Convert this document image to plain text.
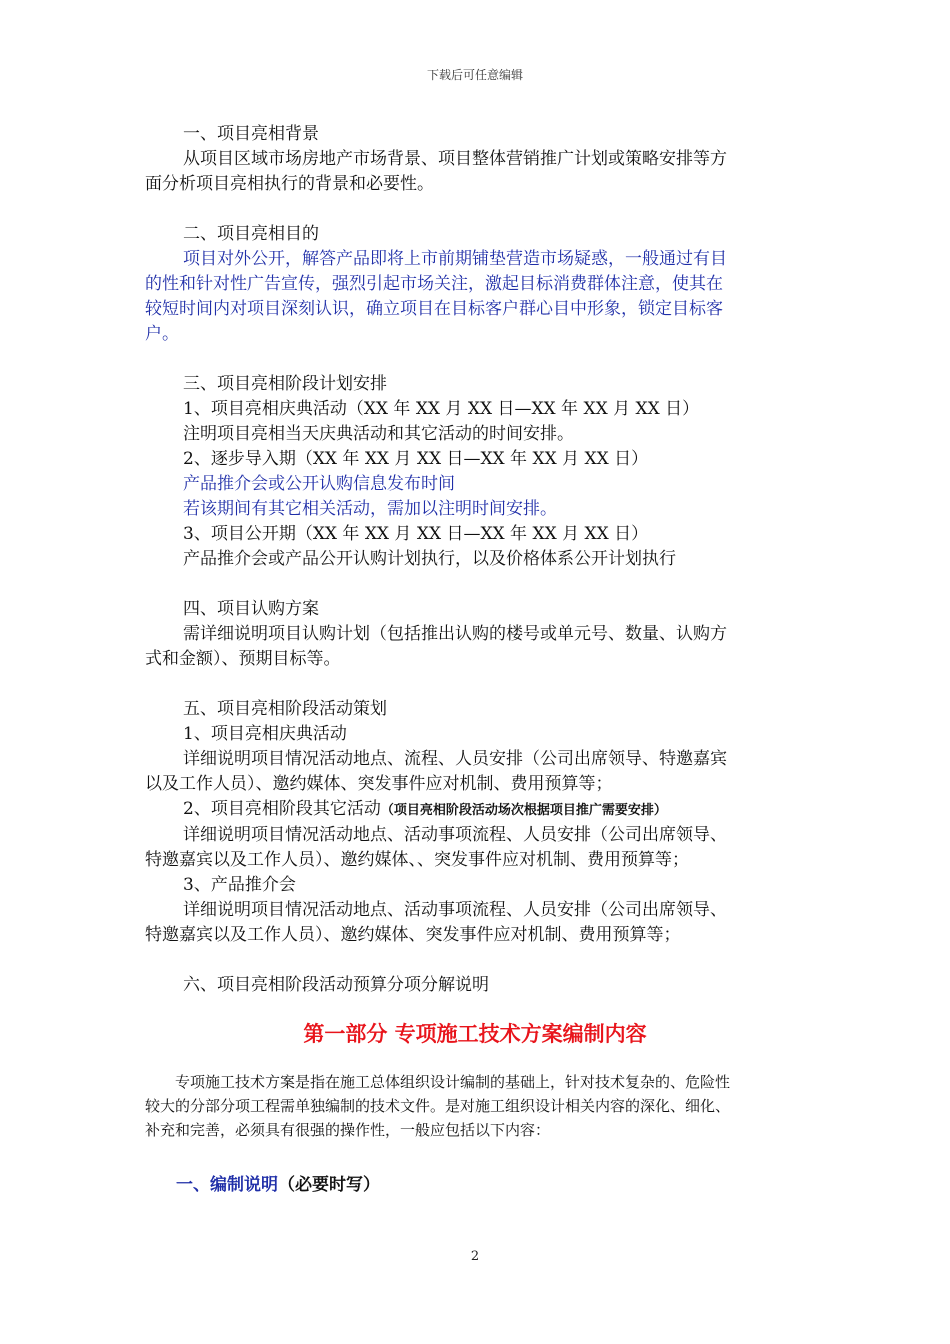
下载后可任意编辑
一、项目亮相背景
从项目区域市场房地产市场背景、项目整体营销推广计划或策略安排等方
面分析项目亮相执行的背景和必要性。
二、项目亮相目的
项目对外公开，解答产品即将上市前期铺垫营造市场疑惑，一般通过有目
的性和针对性广告宣传，强烈引起市场关注，激起目标消费群体注意，使其在
较短时间内对项目深刻认识，确立项目在目标客户群心目中形象，锁定目标客
户。
三、项目亮相阶段计划安排
1、项目亮相庆典活动（XX 年 XX 月 XX 日—XX 年 XX 月 XX 日）
注明项目亮相当天庆典活动和其它活动的时间安排。
2、逐步导入期（XX 年 XX 月 XX 日—XX 年 XX 月 XX 日）
产品推介会或公开认购信息发布时间
若该期间有其它相关活动，需加以注明时间安排。
3、项目公开期（XX 年 XX 月 XX 日—XX 年 XX 月 XX 日）
产品推介会或产品公开认购计划执行，以及价格体系公开计划执行
四、项目认购方案
需详细说明项目认购计划（包括推出认购的楼号或单元号、数量、认购方
式和金额）、预期目标等。
五、项目亮相阶段活动策划
1、项目亮相庆典活动
详细说明项目情况活动地点、流程、人员安排（公司出席领导、特邀嘉宾
以及工作人员）、邀约媒体、突发事件应对机制、费用预算等；
2、项目亮相阶段其它活动（项目亮相阶段活动场次根据项目推广需要安排）
详细说明项目情况活动地点、活动事项流程、人员安排（公司出席领导、
特邀嘉宾以及工作人员）、邀约媒体、、突发事件应对机制、费用预算等；
3、产品推介会
详细说明项目情况活动地点、活动事项流程、人员安排（公司出席领导、
特邀嘉宾以及工作人员）、邀约媒体、突发事件应对机制、费用预算等；
六、项目亮相阶段活动预算分项分解说明
第一部分 专项施工技术方案编制内容

专项施工技术方案是指在施工总体组织设计编制的基础上，针对技术复杂的、危险性

较大的分部分项工程需单独编制的技术文件。是对施工组织设计相关内容的深化、细化、

补充和完善，必须具有很强的操作性，一般应包括以下内容：

一、编制说明（必要时写）
2
